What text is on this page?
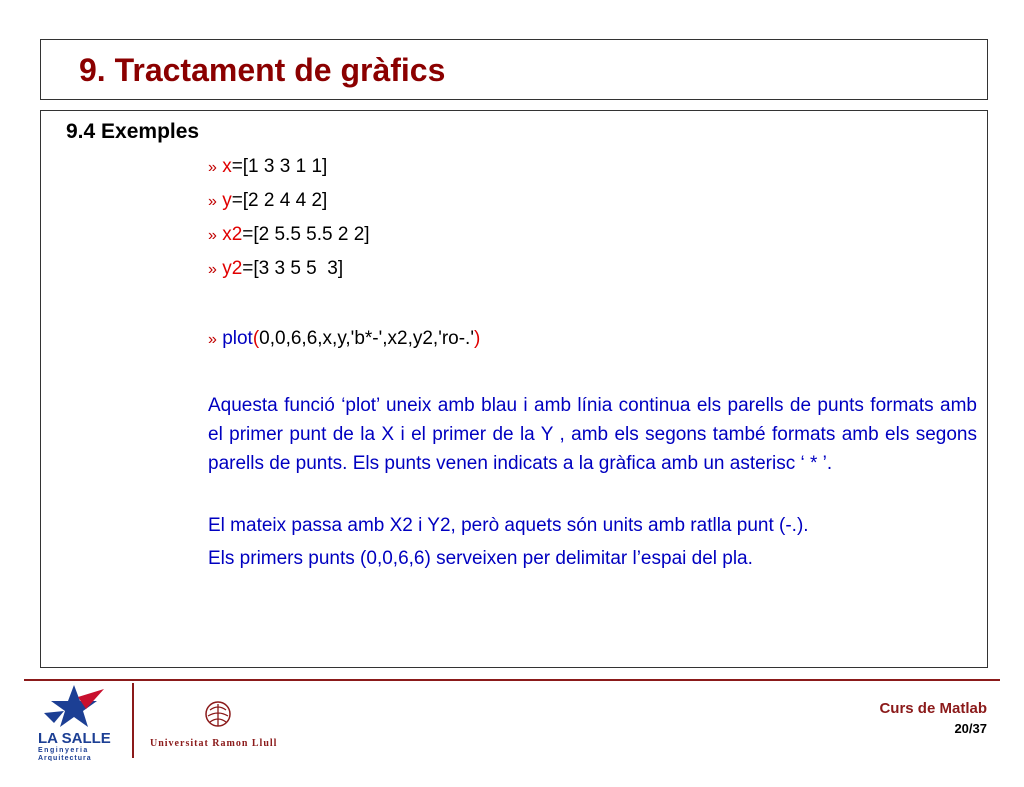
9. Tractament de gràfics
9.4 Exemples
» x=[1 3 3 1 1]
» y=[2 2 4 4 2]
» x2=[2 5.5 5.5 2 2]
» y2=[3 3 5 5  3]
» plot(0,0,6,6,x,y,'b*-',x2,y2,'ro-.')
Aquesta funció ‘plot’ uneix amb blau i amb línia continua els parells de punts formats amb el primer punt de la X i el primer de la Y , amb els segons també formats amb els segons parells de punts. Els punts venen indicats a la gràfica amb un asterisc ‘ * ’.
El mateix passa amb X2 i Y2, però aquets són units amb ratlla punt (-.).
Els primers punts (0,0,6,6) serveixen per delimitar l’espai del pla.
LA SALLE
Enginyeria
Arquitectura
Universitat Ramon Llull
Curs de Matlab
20/37
